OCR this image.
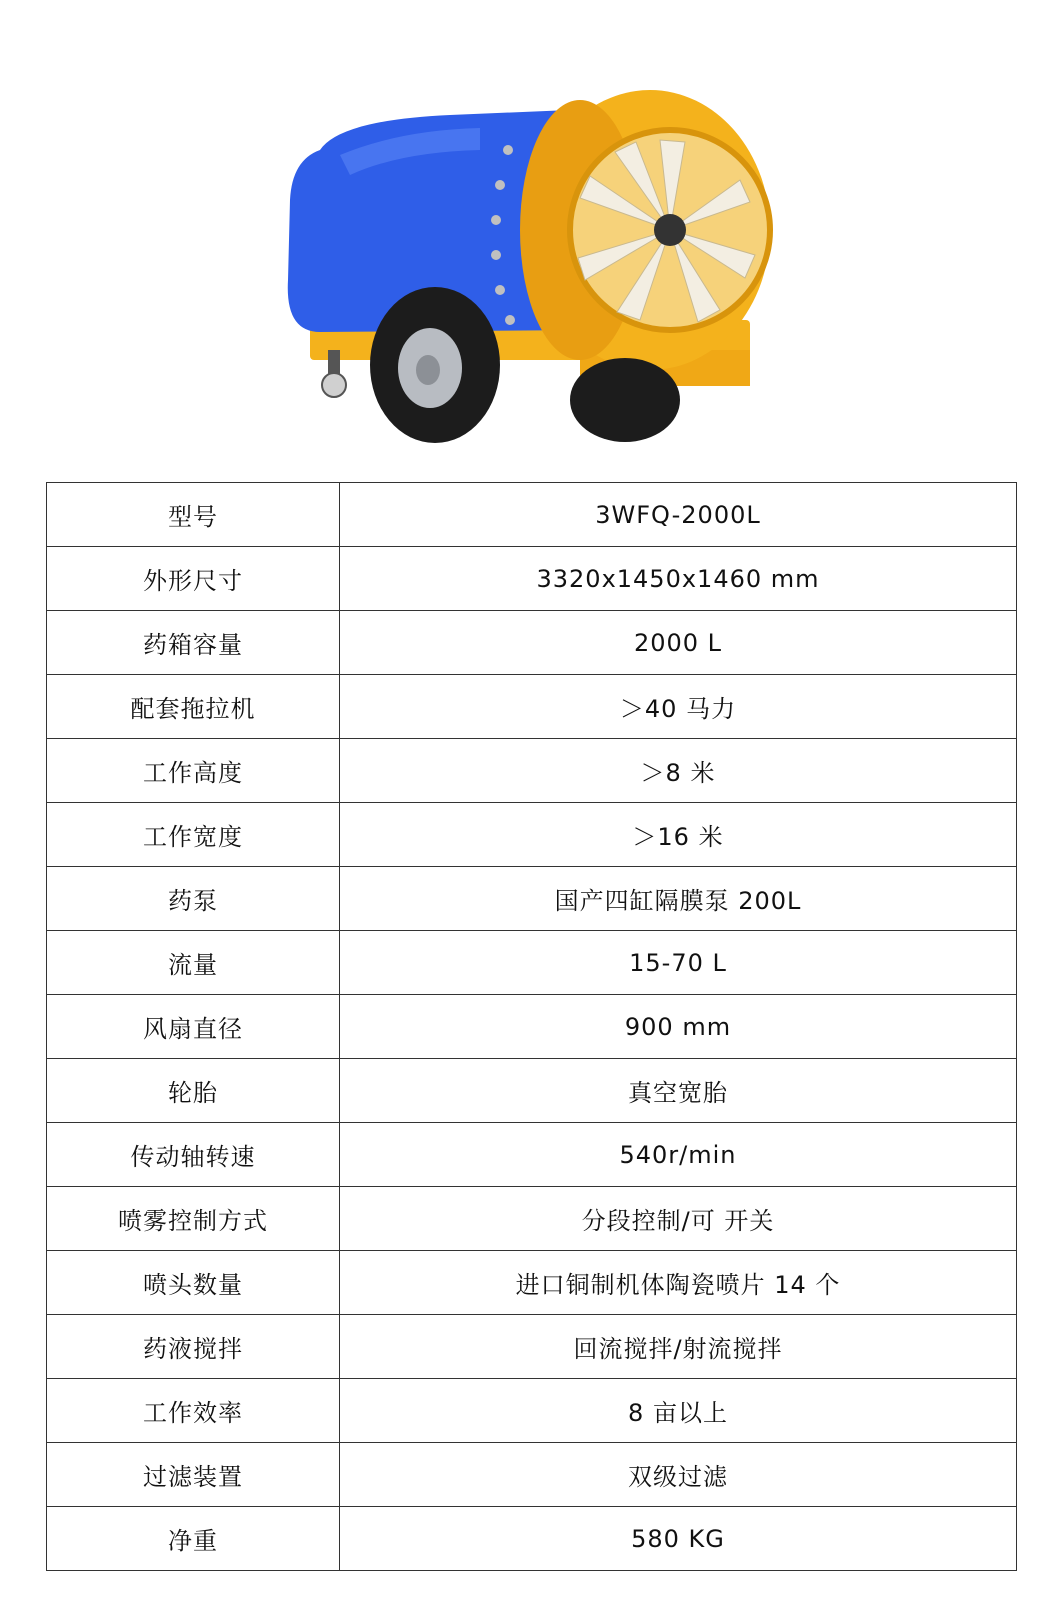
型号	3WFQ-2000L
外形尺寸	3320x1450x1460 mm
药箱容量	2000 L
配套拖拉机	＞40 马力
工作高度	＞8 米
工作宽度	＞16 米
药泵	国产四缸隔膜泵 200L
流量	15-70 L
风扇直径	900 mm
轮胎	真空宽胎
传动轴转速	540r/min
喷雾控制方式	分段控制/可 开关
喷头数量	进口铜制机体陶瓷喷片 14 个
药液搅拌	回流搅拌/射流搅拌
工作效率	8 亩以上
过滤装置	双级过滤
净重	580 KG
